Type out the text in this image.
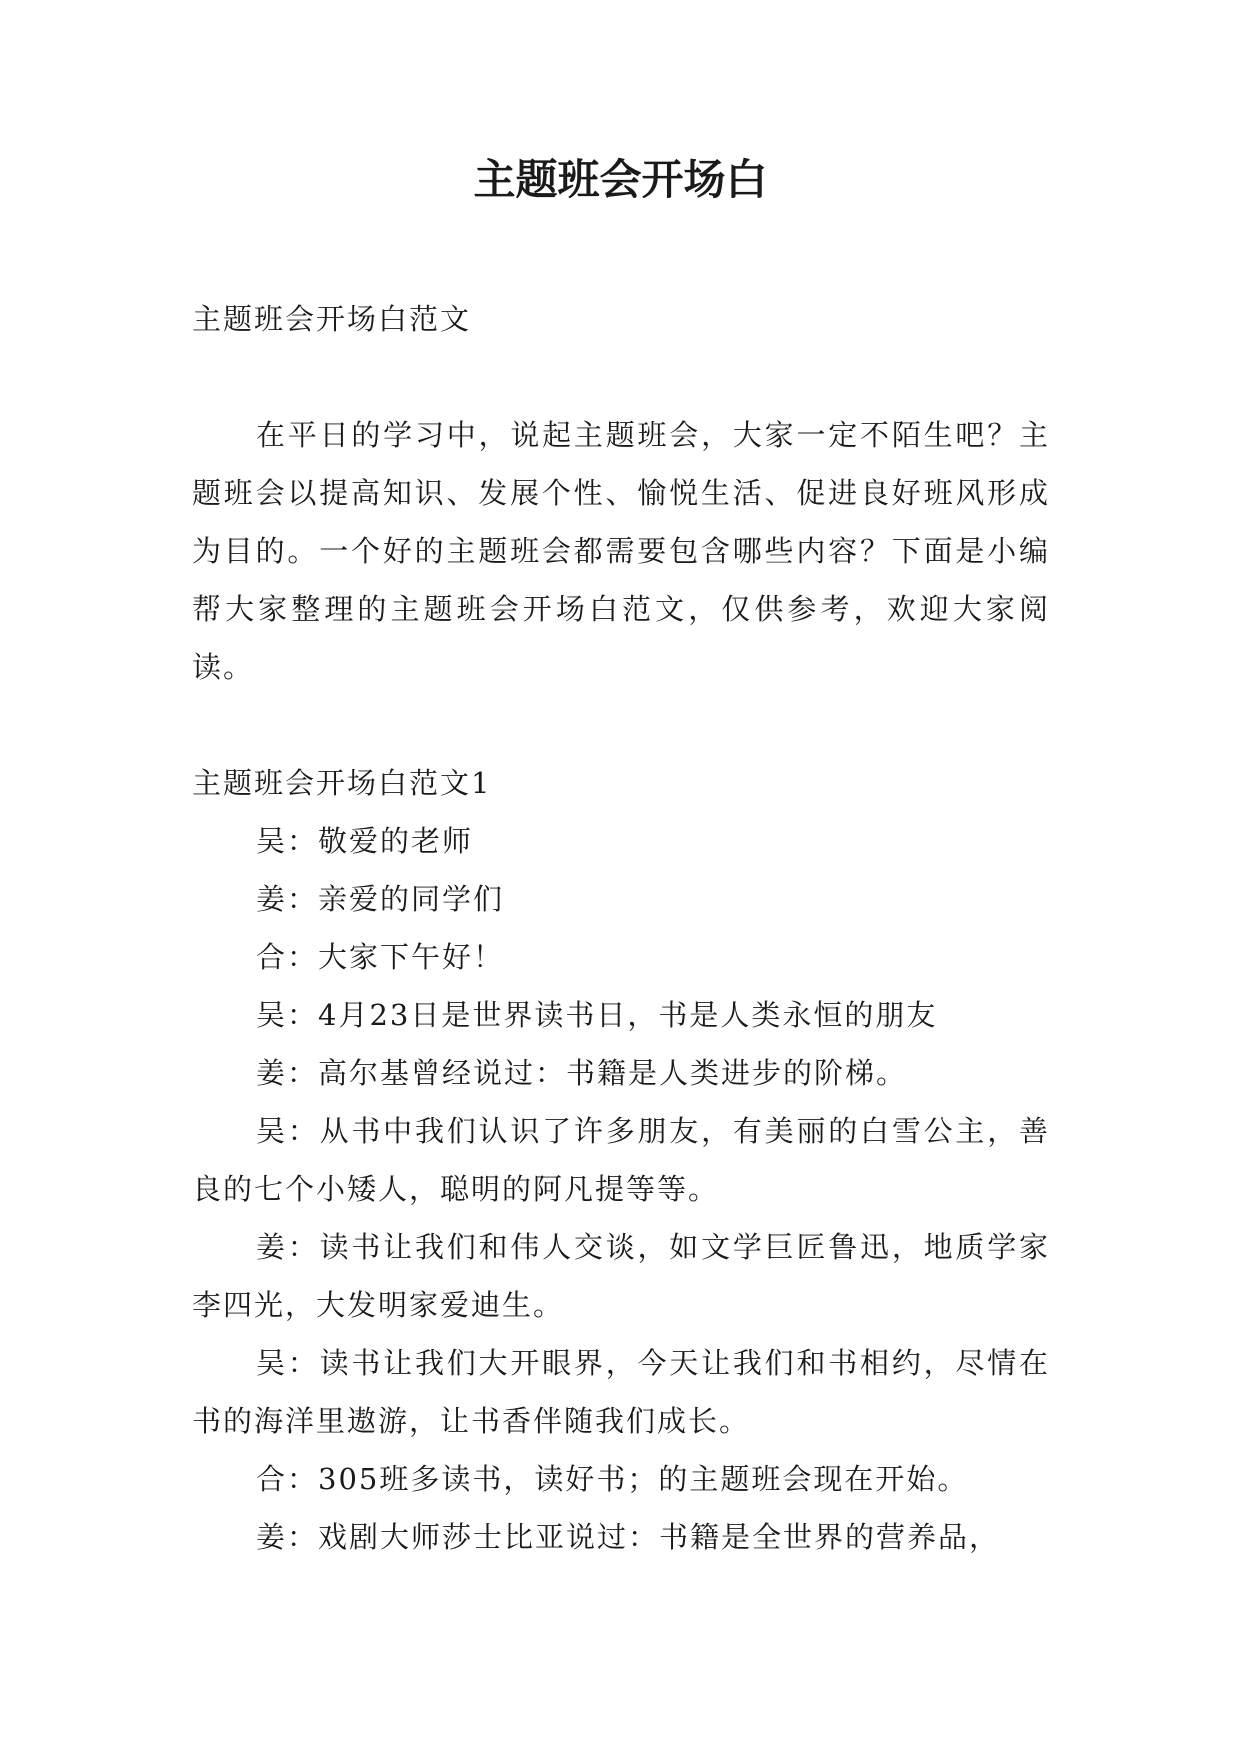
主题班会开场白

主题班会开场白范文

在平日的学习中，说起主题班会，大家一定不陌生吧？主题班会以提高知识、发展个性、愉悦生活、促进良好班风形成为目的。一个好的主题班会都需要包含哪些内容？下面是小编帮大家整理的主题班会开场白范文，仅供参考，欢迎大家阅读。

主题班会开场白范文1

吴：敬爱的老师

姜：亲爱的同学们

合：大家下午好！

吴：4月23日是世界读书日，书是人类永恒的朋友

姜：高尔基曾经说过：书籍是人类进步的阶梯。

吴：从书中我们认识了许多朋友，有美丽的白雪公主，善良的七个小矮人，聪明的阿凡提等等。

姜：读书让我们和伟人交谈，如文学巨匠鲁迅，地质学家李四光，大发明家爱迪生。

吴：读书让我们大开眼界，今天让我们和书相约，尽情在书的海洋里遨游，让书香伴随我们成长。

合：305班多读书，读好书；的主题班会现在开始。

姜：戏剧大师莎士比亚说过：书籍是全世界的营养品，
